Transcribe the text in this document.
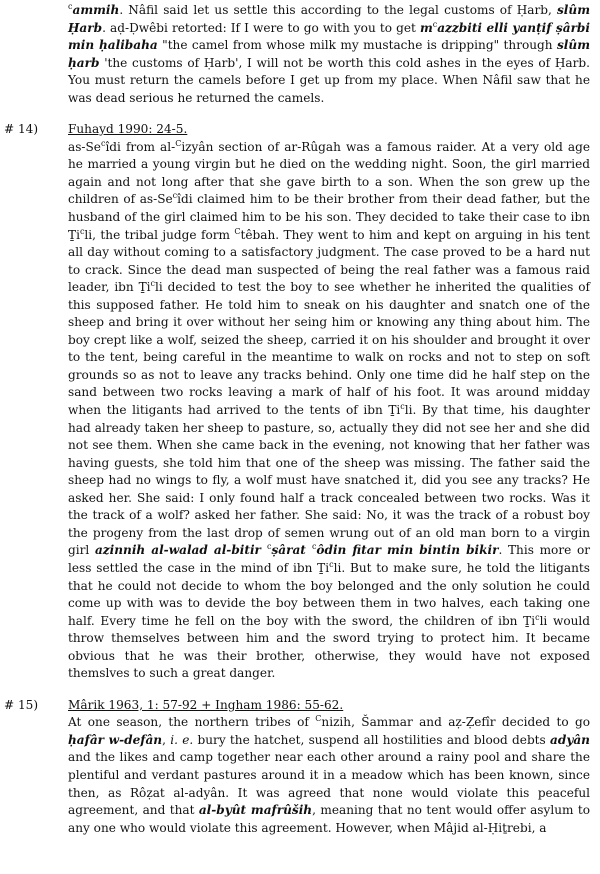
$^c$ammih. Nâfil said let us settle this according to the legal customs of Ḥarb, slûm Ḥarb. aḍ-Ḍwêbi retorted: If I were to go with you to get $m^cazzbiti$ elli yanṭif ṣârbi min ḥalibaha "the camel from whose milk my mustache is dripping" through slûm ḥarb 'the customs of Ḥarb', I will not be worth this cold ashes in the eyes of Ḥarb. You must return the camels before I get up from my place. When Nâfil saw that he was dead serious he returned the camels.

# 14) Fuhayd 1990: 24-5.

as-Se$^c$îdi from al-$^C$izyân section of ar-Rûgah was a famous raider. At a very old age he married a young virgin but he died on the wedding night. Soon, the girl married again and not long after that she gave birth to a son. When the son grew up the children of as-Se$^c$îdi claimed him to be their brother from their dead father, but the husband of the girl claimed him to be his son. They decided to take their case to ibn Ṯi$^c$li, the tribal judge form $^C$têbah. They went to him and kept on arguing in his tent all day without coming to a satisfactory judgment. The case proved to be a hard nut to crack. Since the dead man suspected of being the real father was a famous raid leader, ibn Ṯi$^c$li decided to test the boy to see whether he inherited the qualities of this supposed father. He told him to sneak on his daughter and snatch one of the sheep and bring it over without her seing him or knowing any thing about him. The boy crept like a wolf, seized the sheep, carried it on his shoulder and brought it over to the tent, being careful in the meantime to walk on rocks and not to step on soft grounds so as not to leave any tracks behind. Only one time did he half step on the sand between two rocks leaving a mark of half of his foot. It was around midday when the litigants had arrived to the tents of ibn Ṯi$^c$li. By that time, his daughter had already taken her sheep to pasture, so, actually they did not see her and she did not see them. When she came back in the evening, not knowing that her father was having guests, she told him that one of the sheep was missing. The father said the sheep had no wings to fly, a wolf must have snatched it, did you see any tracks? He asked her. She said: I only found half a track concealed between two rocks. Was it the track of a wolf? asked her father. She said: No, it was the track of a robust boy the progeny from the last drop of semen wrung out of an old man born to a virgin girl azinnih al-walad al-bitir $^c$ṣârat $^c$ôdin fitar min bintin bikir. This more or less settled the case in the mind of ibn Ṯi$^c$li. But to make sure, he told the litigants that he could not decide to whom the boy belonged and the only solution he could come up with was to devide the boy between them in two halves, each taking one half. Every time he fell on the boy with the sword, the children of ibn Ṯi$^c$li would throw themselves between him and the sword trying to protect him. It became obvious that he was their brother, otherwise, they would have not exposed themslves to such a great danger.

# 15) Mârik 1963, 1: 57-92 + Ingham 1986: 55-62.

At one season, the northern tribes of $^C$nizih, Šammar and aẓ-Ẓefîr decided to go ḥafâr w-defân, i. e. bury the hatchet, suspend all hostilities and blood debts adyân and the likes and camp together near each other around a rainy pool and share the plentiful and verdant pastures around it in a meadow which has been known, since then, as Rôẓat al-adyân. It was agreed that none would violate this peaceful agreement, and that al-byût mafrûših, meaning that no tent would offer asylum to any one who would violate this agreement. However, when Mâjid al-Ḥiṯrebi, a
